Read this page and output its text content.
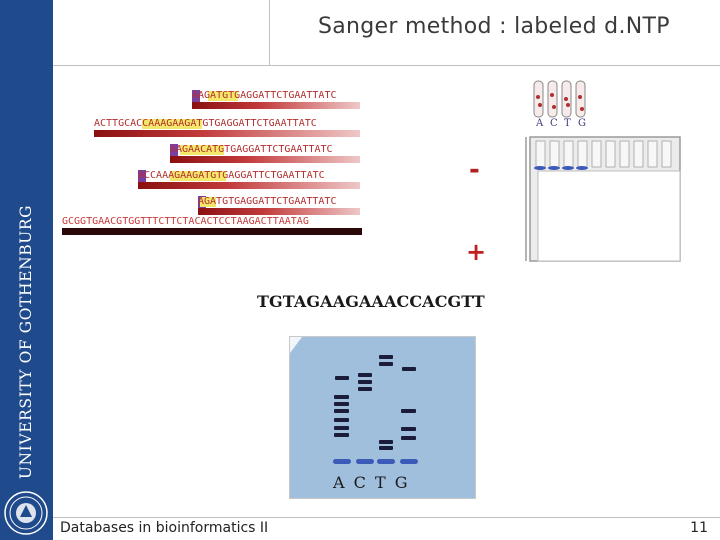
UNIVERSITY OF GOTHENBURG
Sanger method : labeled d.NTP
AAGATGTGAGGATTCTGAATTATC
ACTTGCACCAAAGAAGATGTGAGGATTCTGAATTATC
AAGAACATGTGAGGATTCTGAATTATC
ACCAAAGAAGATGTGAGGATTCTGAATTATC
AGATGTGAGGATTCTGAATTATC
GCGGTGAACGTGGTTTCTTCTACACTCCTAAGACTTAATAG
A C T G
-
+
TGTAGAAGAAACCACGTT
A C T G
Databases in bioinformatics II	11
